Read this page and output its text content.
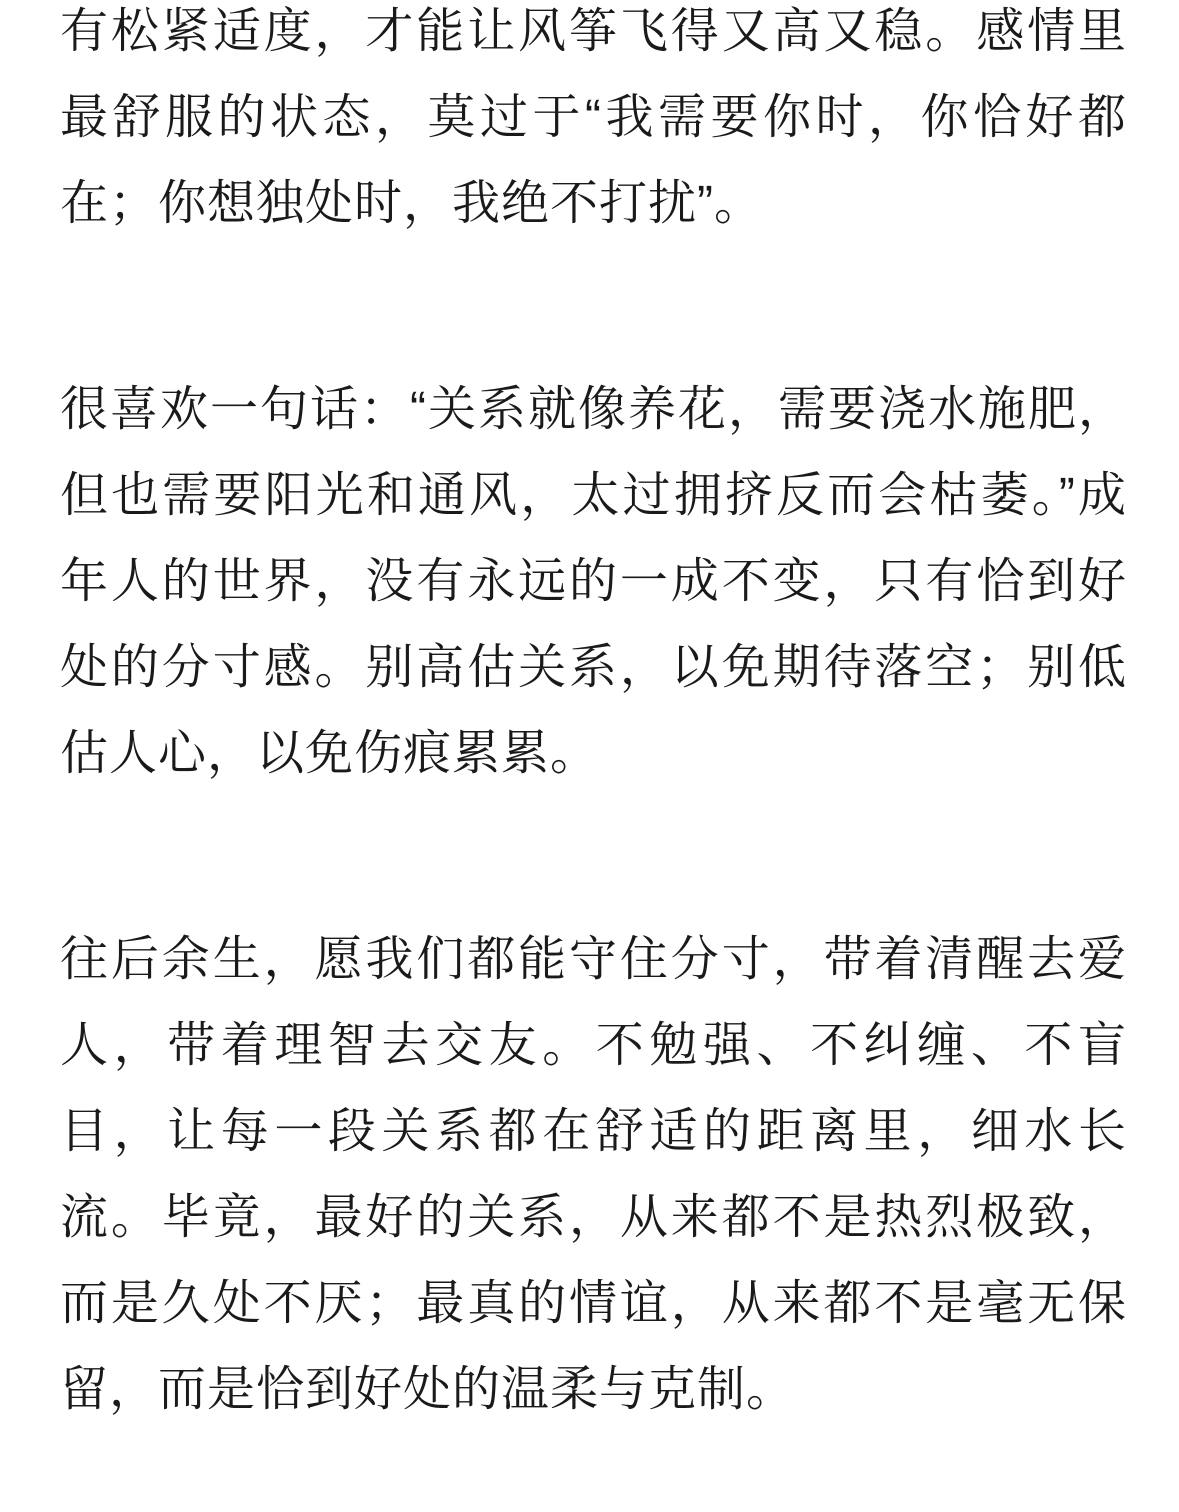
有松紧适度，才能让风筝飞得又高又稳。感情里最舒服的状态，莫过于“我需要你时，你恰好都在；你想独处时，我绝不打扰”。

很喜欢一句话：“关系就像养花，需要浇水施肥，但也需要阳光和通风，太过拥挤反而会枯萎。”成年人的世界，没有永远的一成不变，只有恰到好处的分寸感。别高估关系，以免期待落空；别低估人心，以免伤痕累累。

往后余生，愿我们都能守住分寸，带着清醒去爱人，带着理智去交友。不勉强、不纠缠、不盲目，让每一段关系都在舒适的距离里，细水长流。毕竟，最好的关系，从来都不是热烈极致，而是久处不厌；最真的情谊，从来都不是毫无保留，而是恰到好处的温柔与克制。
